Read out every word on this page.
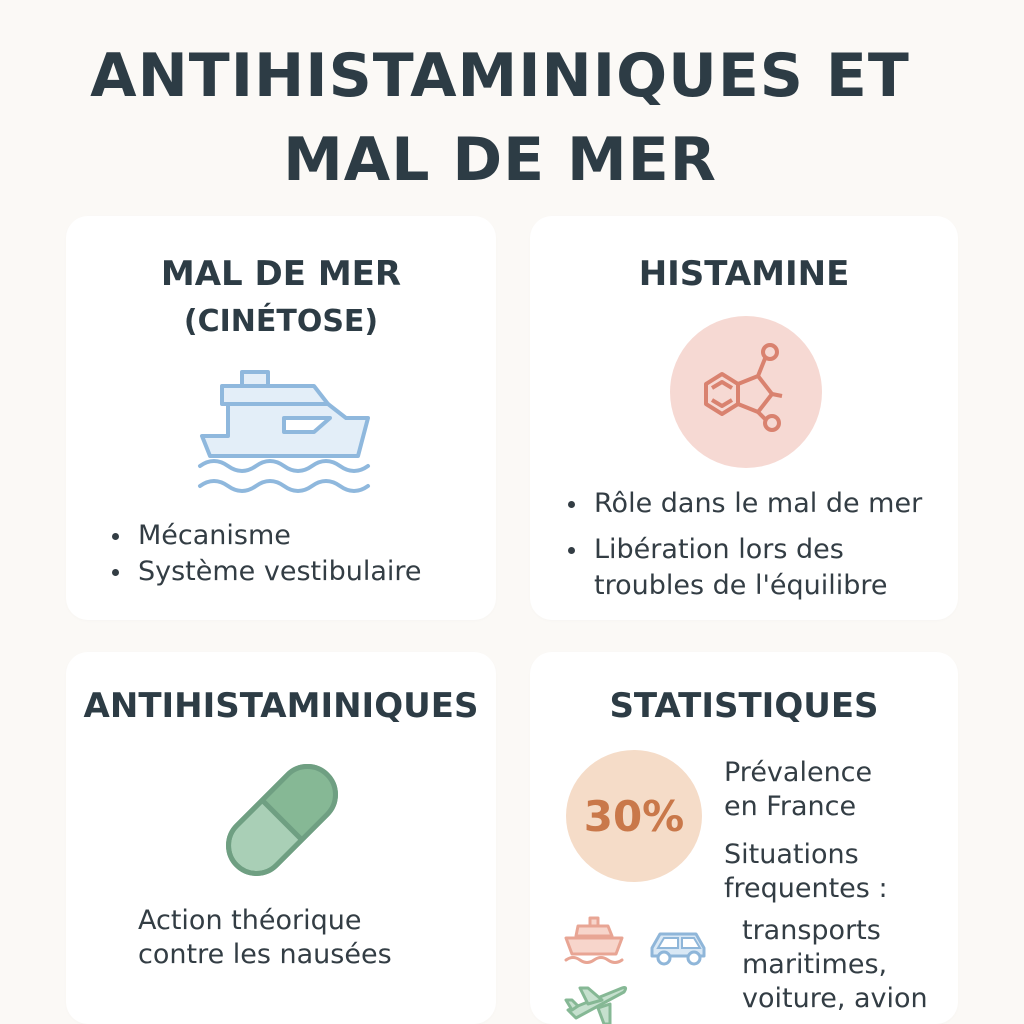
ANTIHISTAMINIQUES ET
MAL DE MER
MAL DE MER
(CINÉTOSE)
Mécanisme
Système vestibulaire
HISTAMINE
Rôle dans le mal de mer
Libération lors des troubles de l'équilibre
ANTIHISTAMINIQUES
Action théorique
contre les nausées
STATISTIQUES
30%
Prévalence
en France
Situations
frequentes :
transports
maritimes,
voiture, avion
